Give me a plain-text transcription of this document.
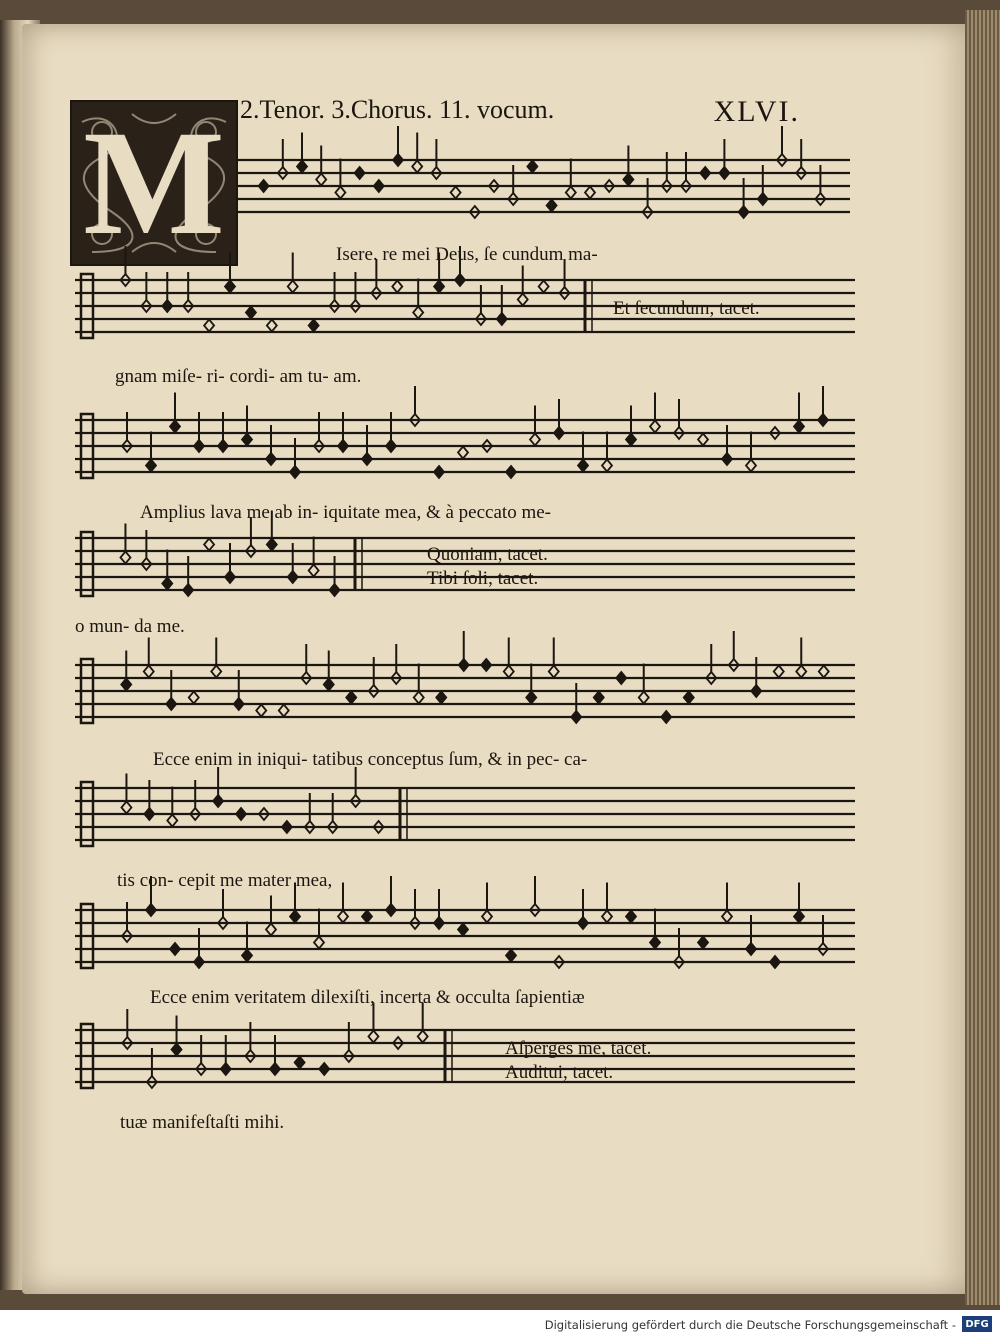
2.Tenor. 3.Chorus. 11. vocum.	XLVI.
M	Isere. re mei Deus, ſe cundum ma-
gnam miſe- ri- cordi- am tu- am.
Et ſecundum, tacet.
Amplius lava me ab in- iquitate mea, & à peccato me-
o mun- da me.
Quoniam, tacet.
Tibi ſoli, tacet.
Ecce enim in iniqui- tatibus conceptus ſum, & in pec- ca-
tis con- cepit me mater mea,
Ecce enim veritatem dilexiſti, incerta & occulta ſapientiæ
tuæ manifeſtaſti mihi.
Aſperges me, tacet.
Auditui, tacet.
Digitalisierung gefördert durch die Deutsche Forschungsgemeinschaft - DFG
